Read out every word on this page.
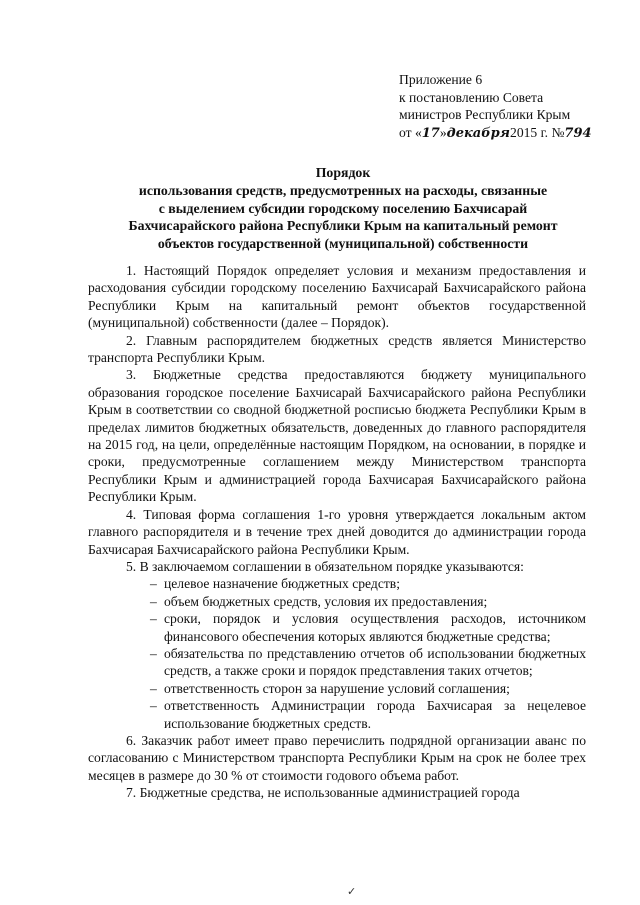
Приложение 6
к постановлению Совета
министров Республики Крым
от «17»декабря2015 г. №794
Порядок
использования средств, предусмотренных на расходы, связанные
с выделением субсидии городскому поселению Бахчисарай
Бахчисарайского района Республики Крым на капитальный ремонт
объектов государственной (муниципальной) собственности

1. Настоящий Порядок определяет условия и механизм предоставления и расходования субсидии городскому поселению Бахчисарай Бахчисарайского района Республики Крым на капитальный ремонт объектов государственной (муниципальной) собственности (далее – Порядок).

2. Главным распорядителем бюджетных средств является Министерство транспорта Республики Крым.

3. Бюджетные средства предоставляются бюджету муниципального образования городское поселение Бахчисарай Бахчисарайского района Республики Крым в соответствии со сводной бюджетной росписью бюджета Республики Крым в пределах лимитов бюджетных обязательств, доведенных до главного распорядителя на 2015 год, на цели, определённые настоящим Порядком, на основании, в порядке и сроки, предусмотренные соглашением между Министерством транспорта Республики Крым и администрацией города Бахчисарая Бахчисарайского района Республики Крым.

4. Типовая форма соглашения 1-го уровня утверждается локальным актом главного распорядителя и в течение трех дней доводится до администрации города Бахчисарая Бахчисарайского района Республики Крым.

5. В заключаемом соглашении в обязательном порядке указываются:

– целевое назначение бюджетных средств;
– объем бюджетных средств, условия их предоставления;
– сроки, порядок и условия осуществления расходов, источником финансового обеспечения которых являются бюджетные средства;
– обязательства по представлению отчетов об использовании бюджетных средств, а также сроки и порядок представления таких отчетов;
– ответственность сторон за нарушение условий соглашения;
– ответственность Администрации города Бахчисарая за нецелевое использование бюджетных средств.

6. Заказчик работ имеет право перечислить подрядной организации аванс по согласованию с Министерством транспорта Республики Крым на срок не более трех месяцев в размере до 30 % от стоимости годового объема работ.

7. Бюджетные средства, не использованные администрацией города

✓
